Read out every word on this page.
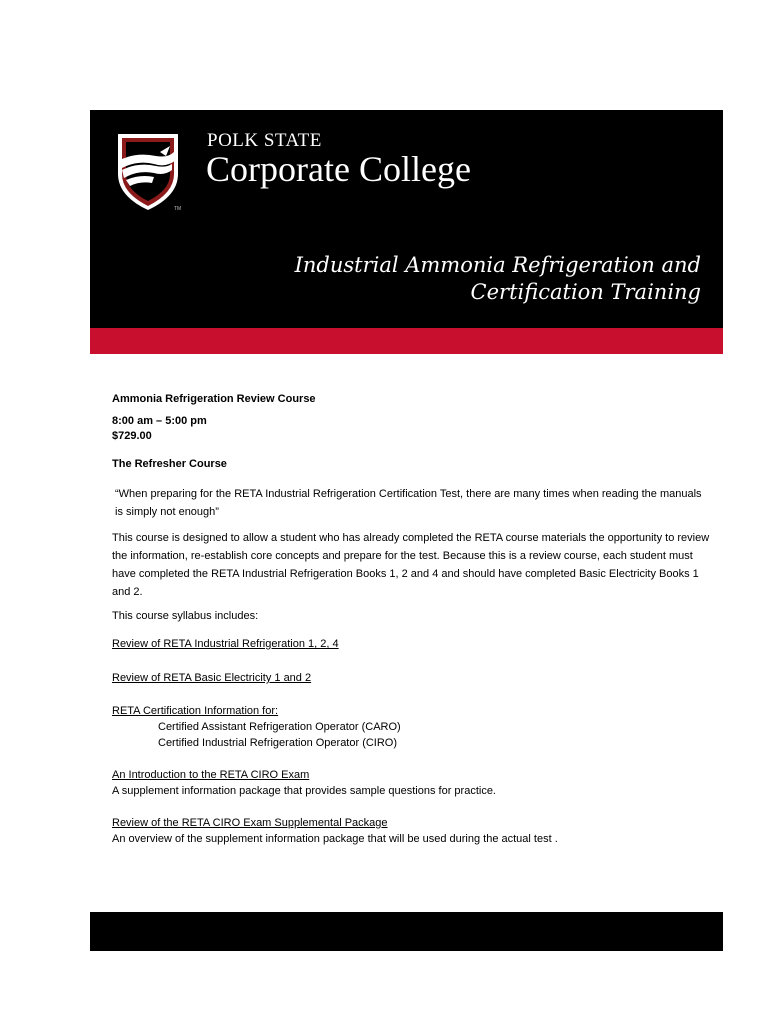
TM
POLK STATE
Corporate College
Industrial Ammonia Refrigeration and
Certification Training

Ammonia Refrigeration Review Course

8:00 am – 5:00 pm

$729.00

The Refresher Course

“When preparing for the RETA Industrial Refrigeration Certification Test, there are many times when reading the manuals is simply not enough”

This course is designed to allow a student who has already completed the RETA course materials the opportunity to review the information, re-establish core concepts and prepare for the test. Because this is a review course, each student must have completed the RETA Industrial Refrigeration Books 1, 2 and 4 and should have completed Basic Electricity Books 1 and 2.

This course syllabus includes:

Review of RETA Industrial Refrigeration 1, 2, 4

Review of RETA Basic Electricity 1 and 2

RETA Certification Information for:

Certified Assistant Refrigeration Operator (CARO)

Certified Industrial Refrigeration Operator (CIRO)

An Introduction to the RETA CIRO Exam

A supplement information package that provides sample questions for practice.

Review of the RETA CIRO Exam Supplemental Package

An overview of the supplement information package that will be used during the actual test .
